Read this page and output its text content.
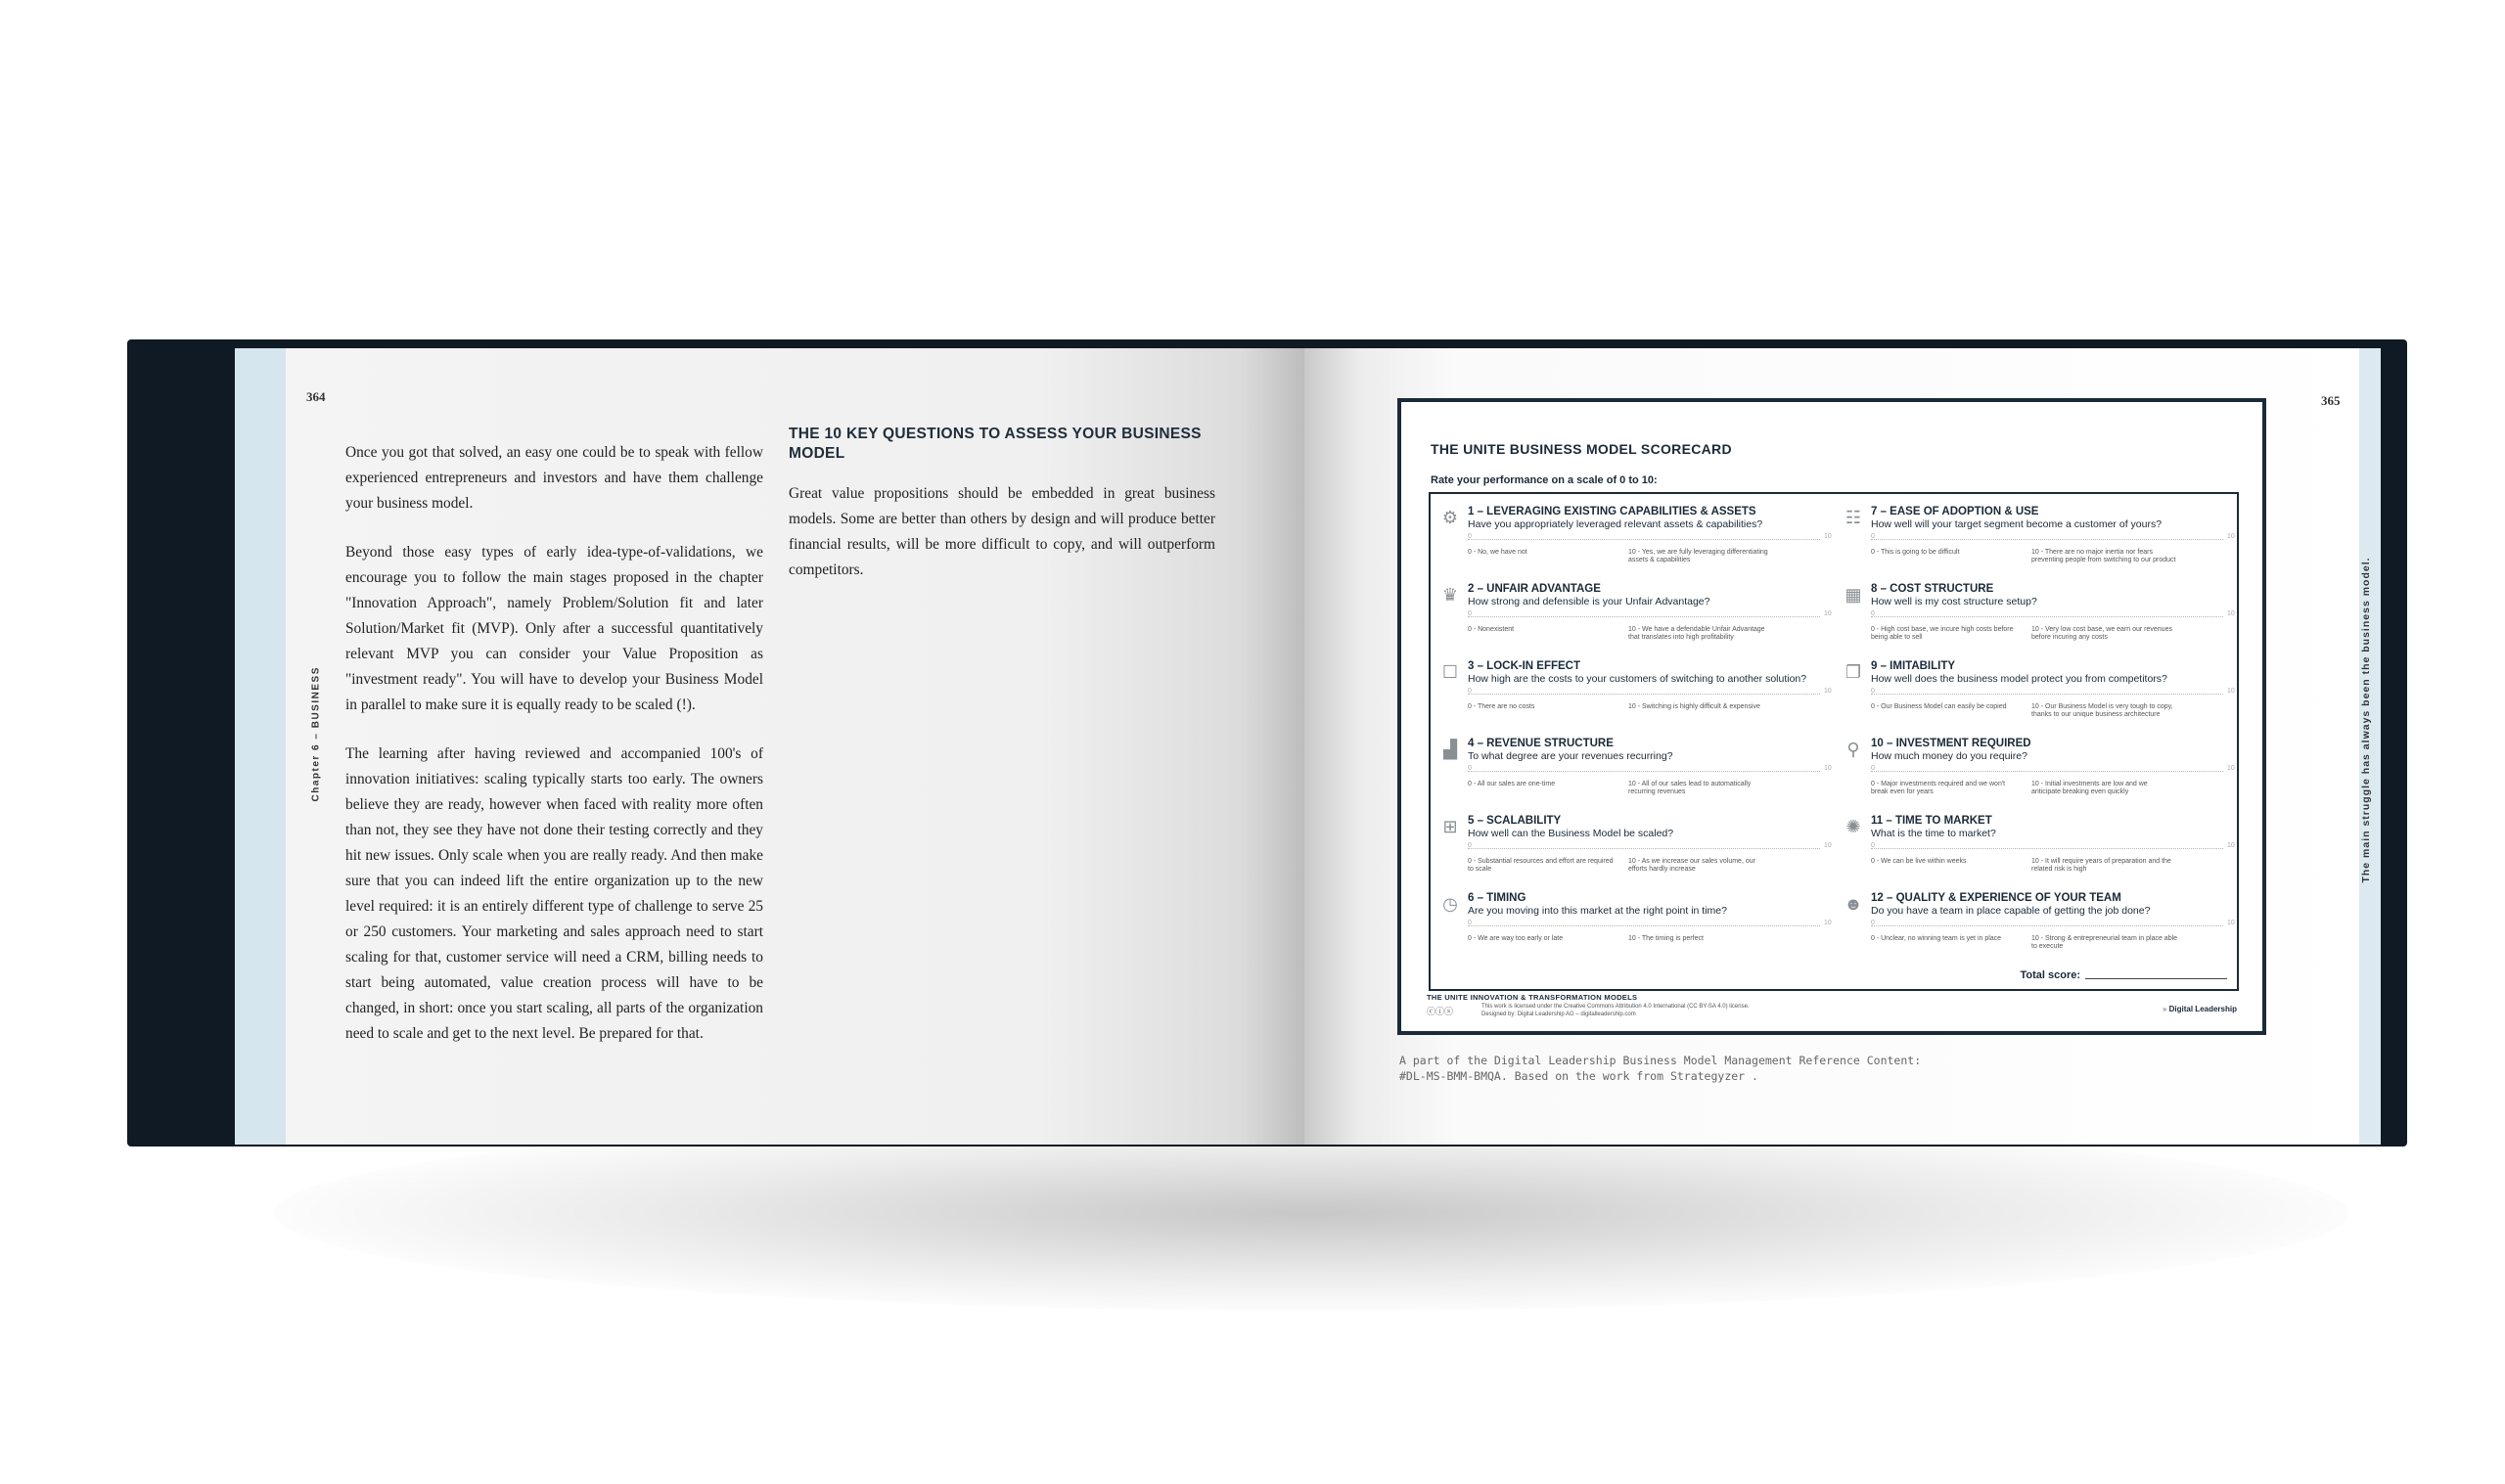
364
Chapter 6 – BUSINESS

Once you got that solved, an easy one could be to speak with fellow experienced entrepreneurs and investors and have them challenge your business model.

Beyond those easy types of early idea-type-of-validations, we encourage you to follow the main stages proposed in the chapter "Innovation Approach", namely Problem/Solution fit and later Solution/Market fit (MVP). Only after a successful quantitatively relevant MVP you can consider your Value Proposition as "investment ready". You will have to develop your Business Model in parallel to make sure it is equally ready to be scaled (!).

The learning after having reviewed and accompanied 100's of innovation initiatives: scaling typically starts too early. The owners believe they are ready, however when faced with reality more often than not, they see they have not done their testing correctly and they hit new issues. Only scale when you are really ready. And then make sure that you can indeed lift the entire organization up to the new level required: it is an entirely different type of challenge to serve 25 or 250 customers. Your marketing and sales approach need to start scaling for that, customer service will need a CRM, billing needs to start being automated, value creation process will have to be changed, in short: once you start scaling, all parts of the organization need to scale and get to the next level. Be prepared for that.

THE 10 KEY QUESTIONS TO ASSESS YOUR BUSINESS MODEL

Great value propositions should be embedded in great business models. Some are better than others by design and will produce better financial results, will be more difficult to copy, and will outperform competitors.

365
The main struggle has always been the business model.
THE UNITE BUSINESS MODEL SCORECARD
Rate your performance on a scale of 0 to 10:
☻ 12 – QUALITY & EXPERIENCE OF YOUR TEAM
Do you have a team in place capable of getting the job done?
0	10
0 - Unclear, no winning team is yet in place	10 - Strong & entrepreneurial team in place able to execute
◷ 6 – TIMING
Are you moving into this market at the right point in time?
0	10
0 - We are way too early or late	10 - The timing is perfect
✺ 11 – TIME TO MARKET
What is the time to market?
0	10
0 - We can be live within weeks	10 - It will require years of preparation and the related risk is high
⊞ 5 – SCALABILITY
How well can the Business Model be scaled?
0	10
0 - Substantial resources and effort are required to scale
10 - As we increase our sales volume, our efforts hardly increase
⚲ 10 – INVESTMENT REQUIRED
How much money do you require?
0	10
0 - Major investments required and we won't break even for years
10 - Initial investments are low and we anticipate breaking even quickly
▟ 4 – REVENUE STRUCTURE
To what degree are your revenues recurring?
0	10
0 - All our sales are one-time	10 - All of our sales lead to automatically recurring revenues
❐ 9 – IMITABILITY
How well does the business model protect you from competitors?
0	10
0 - Our Business Model can easily be copied	10 - Our Business Model is very tough to copy, thanks to our unique business architecture
☐ 3 – LOCK-IN EFFECT
How high are the costs to your customers of switching to another solution?
0	10
0 - There are no costs	10 - Switching is highly difficult & expensive
▦ 8 – COST STRUCTURE
How well is my cost structure setup?
0	10
0 - High cost base, we incure high costs before being able to sell
10 - Very low cost base, we earn our revenues before incuring any costs
♛ 2 – UNFAIR ADVANTAGE
How strong and defensible is your Unfair Advantage?
0	10
0 - Nonexistent	10 - We have a defendable Unfair Advantage that translates into high profitability
☷ 7 – EASE OF ADOPTION & USE
How well will your target segment become a customer of yours?
0	10
0 - This is going to be difficult	10 - There are no major inertia nor fears preventing people from switching to our product
⚙ 1 – LEVERAGING EXISTING CAPABILITIES & ASSETS
Have you appropriately leveraged relevant assets & capabilities?
0	10
0 - No, we have not	10 - Yes, we are fully leveraging differentiating assets & capabilities
Total score:
THE UNITE INNOVATION & TRANSFORMATION MODELS
ⓒⓘⓢ	This work is licensed under the Creative Commons Attribution 4.0 International (CC BY-SA 4.0) license. Designed by: Digital Leadership AG – digitalleadership.com
» Digital Leadership
A part of the Digital Leadership Business Model Management Reference Content:
#DL-MS-BMM-BMQA. Based on the work from Strategyzer .
